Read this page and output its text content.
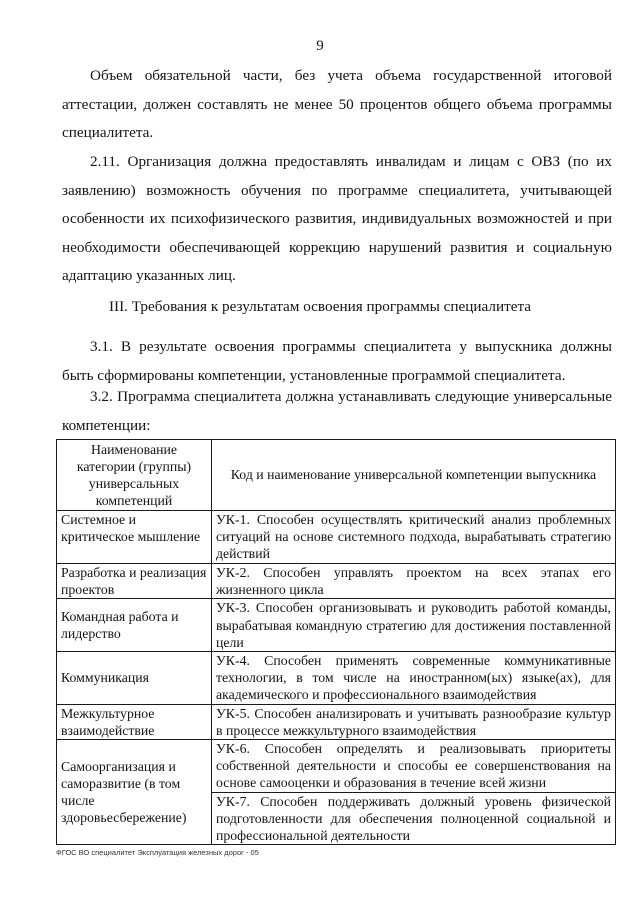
9

Объем обязательной части, без учета объема государственной итоговой аттестации, должен составлять не менее 50 процентов общего объема программы специалитета.

2.11. Организация должна предоставлять инвалидам и лицам с ОВЗ (по их заявлению) возможность обучения по программе специалитета, учитывающей особенности их психофизического развития, индивидуальных возможностей и при необходимости обеспечивающей коррекцию нарушений развития и социальную адаптацию указанных лиц.

III. Требования к результатам освоения программы специалитета

3.1. В результате освоения программы специалитета у выпускника должны быть сформированы компетенции, установленные программой специалитета.

3.2. Программа специалитета должна устанавливать следующие универсальные компетенции:

Наименование категории (группы) универсальных компетенций	Код и наименование универсальной компетенции выпускника
Системное и критическое мышление	УК-1. Способен осуществлять критический анализ проблемных ситуаций на основе системного подхода, вырабатывать стратегию действий
Разработка и реализация проектов	УК-2. Способен управлять проектом на всех этапах его жизненного цикла
Командная работа и лидерство	УК-3. Способен организовывать и руководить работой команды, вырабатывая командную стратегию для достижения поставленной цели
Коммуникация	УК-4. Способен применять современные коммуникативные технологии, в том числе на иностранном(ых) языке(ах), для академического и профессионального взаимодействия
Межкультурное взаимодействие	УК-5. Способен анализировать и учитывать разнообразие культур в процессе межкультурного взаимодействия
Самоорганизация и саморазвитие (в том числе здоровьесбережение)	УК-6. Способен определять и реализовывать приоритеты собственной деятельности и способы ее совершенствования на основе самооценки и образования в течение всей жизни
	УК-7. Способен поддерживать должный уровень физической подготовленности для обеспечения полноценной социальной и профессиональной деятельности
ФГОС ВО специалитет Эксплуатация железных дорог - 05
